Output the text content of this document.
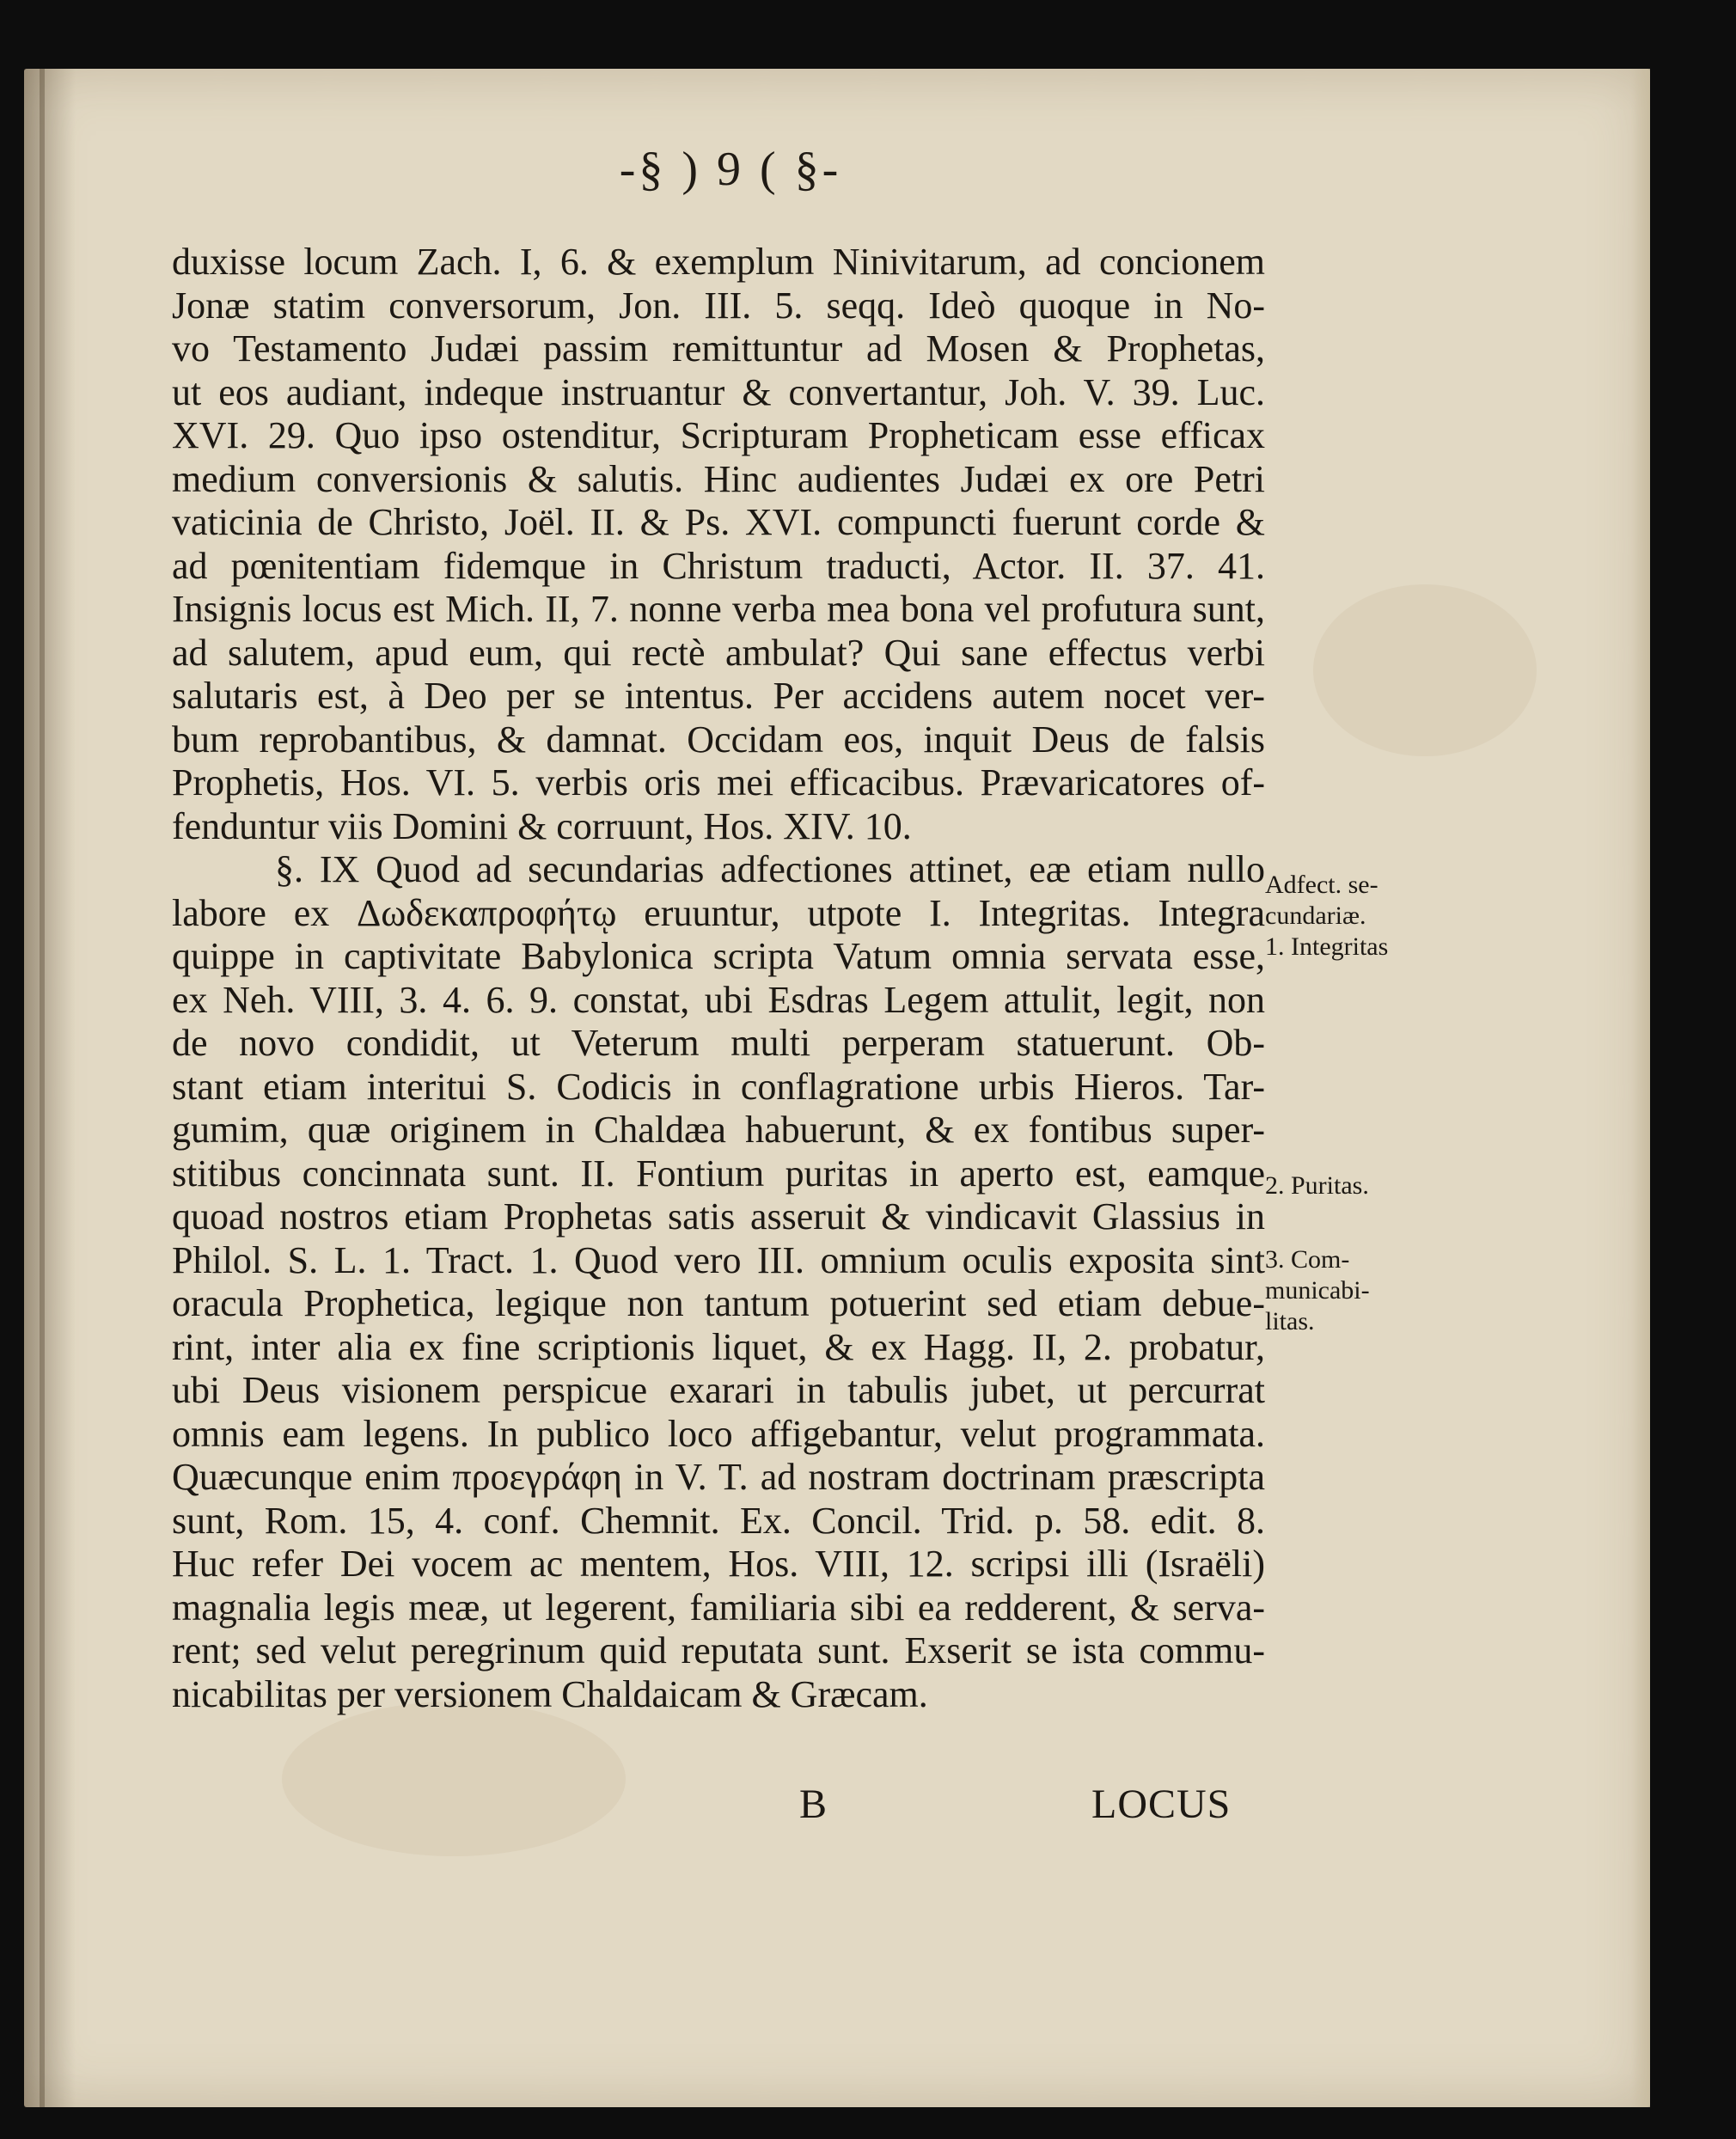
-§ ) 9 ( §-
duxisse locum Zach. I, 6. & exemplum Ninivitarum, ad concionem
Jonæ statim conversorum, Jon. III. 5. seqq. Ideò quoque in No-
vo Testamento Judæi passim remittuntur ad Mosen & Prophetas,
ut eos audiant, indeque instruantur & convertantur, Joh. V. 39. Luc.
XVI. 29. Quo ipso ostenditur, Scripturam Propheticam esse efficax
medium conversionis & salutis. Hinc audientes Judæi ex ore Petri
vaticinia de Christo, Joël. II. & Ps. XVI. compuncti fuerunt corde &
ad pœnitentiam fidemque in Christum traducti, Actor. II. 37. 41.
Insignis locus est Mich. II, 7. nonne verba mea bona vel profutura sunt,
ad salutem, apud eum, qui rectè ambulat? Qui sane effectus verbi
salutaris est, à Deo per se intentus. Per accidens autem nocet ver-
bum reprobantibus, & damnat. Occidam eos, inquit Deus de falsis
Prophetis, Hos. VI. 5. verbis oris mei efficacibus. Prævaricatores of-
fenduntur viis Domini & corruunt, Hos. XIV. 10.
§. IX Quod ad secundarias adfectiones attinet, eæ etiam nullo
labore ex Δωδεκαπροφήτῳ eruuntur, utpote I. Integritas. Integra
quippe in captivitate Babylonica scripta Vatum omnia servata esse,
ex Neh. VIII, 3. 4. 6. 9. constat, ubi Esdras Legem attulit, legit, non
de novo condidit, ut Veterum multi perperam statuerunt. Ob-
stant etiam interitui S. Codicis in conflagratione urbis Hieros. Tar-
gumim, quæ originem in Chaldæa habuerunt, & ex fontibus super-
stitibus concinnata sunt. II. Fontium puritas in aperto est, eamque
quoad nostros etiam Prophetas satis asseruit & vindicavit Glassius in
Philol. S. L. 1. Tract. 1. Quod vero III. omnium oculis exposita sint
oracula Prophetica, legique non tantum potuerint sed etiam debue-
rint, inter alia ex fine scriptionis liquet, & ex Hagg. II, 2. probatur,
ubi Deus visionem perspicue exarari in tabulis jubet, ut percurrat
omnis eam legens. In publico loco affigebantur, velut programmata.
Quæcunque enim προεγράφη in V. T. ad nostram doctrinam præscripta
sunt, Rom. 15, 4. conf. Chemnit. Ex. Concil. Trid. p. 58. edit. 8.
Huc refer Dei vocem ac mentem, Hos. VIII, 12. scripsi illi (Israëli)
magnalia legis meæ, ut legerent, familiaria sibi ea redderent, & serva-
rent; sed velut peregrinum quid reputata sunt. Exserit se ista commu-
nicabilitas per versionem Chaldaicam & Græcam.
Adfect. se-
cundariæ.
1. Integritas
2. Puritas.
3. Com-
municabi-
litas.
B	LOCUS
